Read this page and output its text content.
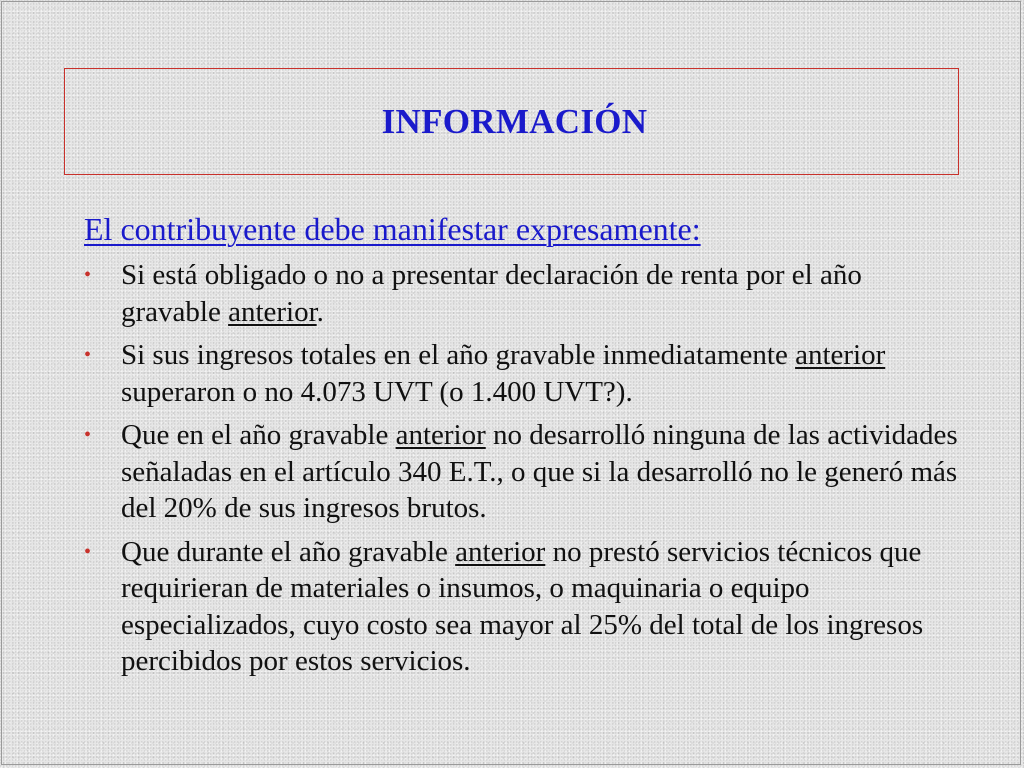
INFORMACIÓN
El contribuyente debe manifestar expresamente:
• Si está obligado o no a presentar declaración de renta por el año gravable anterior.
• Si sus ingresos totales en el año gravable inmediatamente anterior superaron o no 4.073 UVT (o 1.400 UVT?).
• Que en el año gravable anterior no desarrolló ninguna de las actividades señaladas en el artículo 340 E.T., o que si la desarrolló no le generó más del 20% de sus ingresos brutos.
• Que durante el año gravable anterior no prestó servicios técnicos que requirieran de materiales o insumos, o maquinaria o equipo especializados, cuyo costo sea mayor al 25% del total de los ingresos percibidos por estos servicios.
